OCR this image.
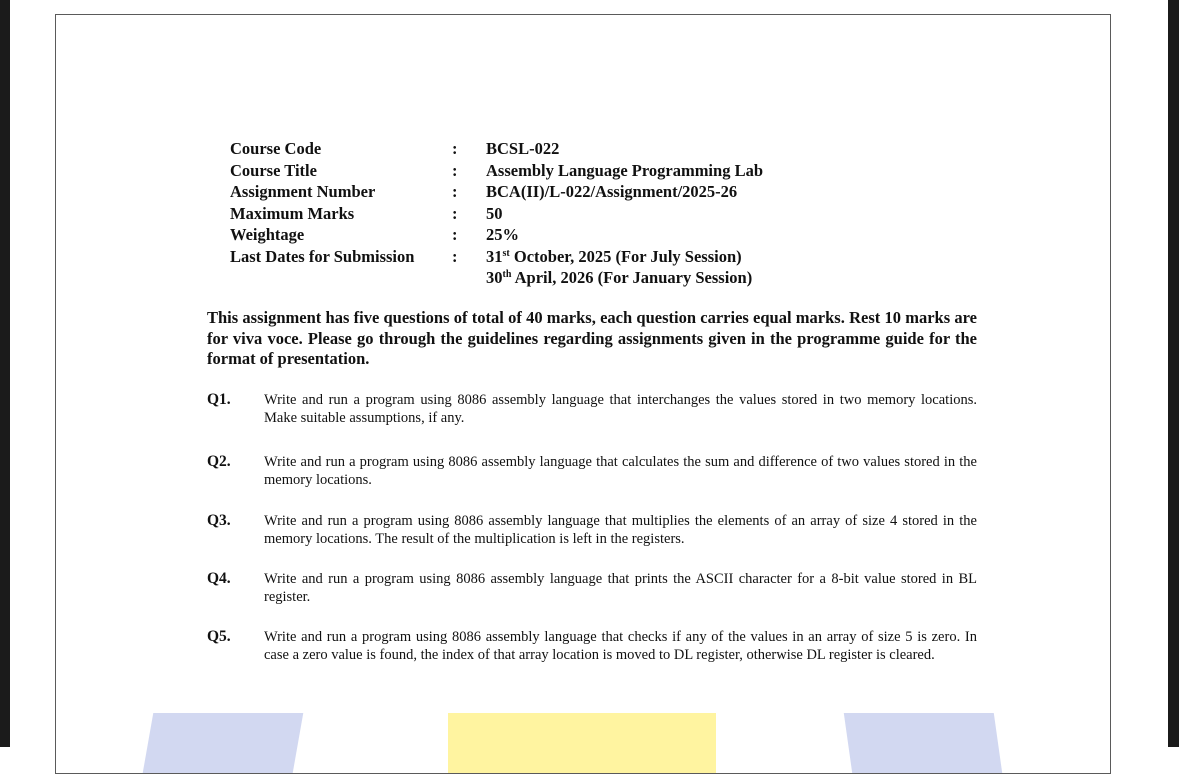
Course Code	:	BCSL-022
Course Title	:	Assembly Language Programming Lab
Assignment Number	:	BCA(II)/L-022/Assignment/2025-26
Maximum Marks	:	50
Weightage	:	25%
Last Dates for Submission	:	31st October, 2025 (For July Session)
30th April, 2026 (For January Session)
This assignment has five questions of total of 40 marks, each question carries equal marks. Rest 10 marks are for viva voce. Please go through the guidelines regarding assignments given in the programme guide for the format of presentation.
Q1. Write and run a program using 8086 assembly language that interchanges the values stored in two memory locations. Make suitable assumptions, if any.
Q2. Write and run a program using 8086 assembly language that calculates the sum and difference of two values stored in the memory locations.
Q3. Write and run a program using 8086 assembly language that multiplies the elements of an array of size 4 stored in the memory locations. The result of the multiplication is left in the registers.
Q4. Write and run a program using 8086 assembly language that prints the ASCII character for a 8-bit value stored in BL register.
Q5. Write and run a program using 8086 assembly language that checks if any of the values in an array of size 5 is zero. In case a zero value is found, the index of that array location is moved to DL register, otherwise DL register is cleared.
